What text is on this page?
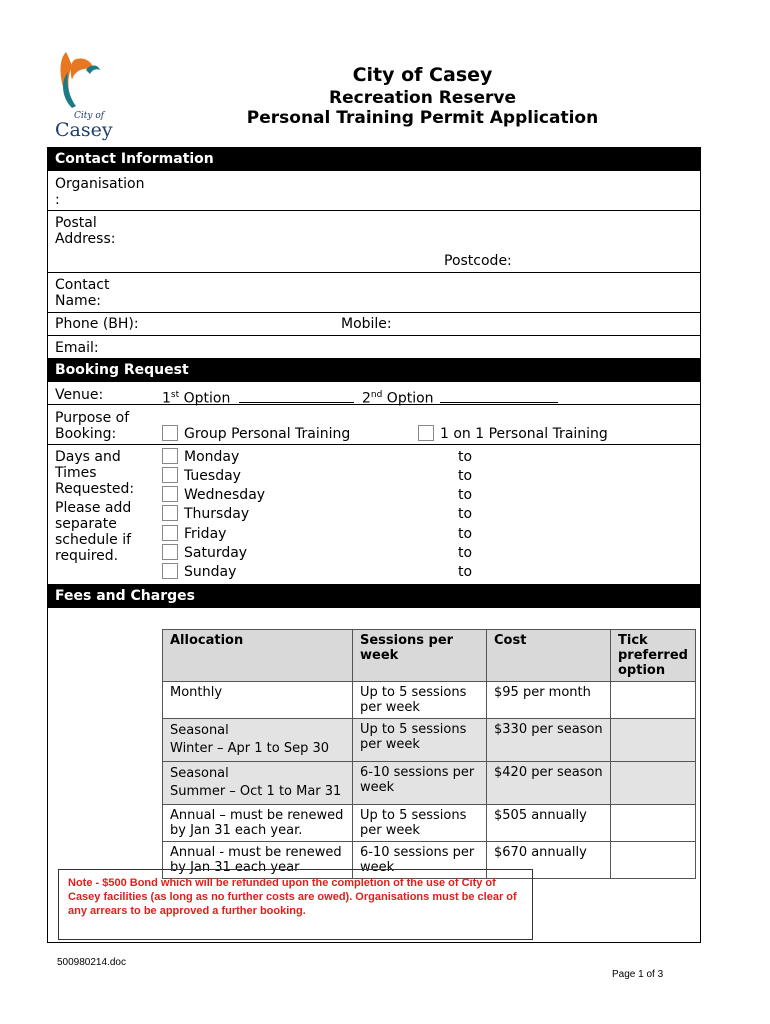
City of
Casey
City of Casey
Recreation Reserve
Personal Training Permit Application
Contact Information
Organisation
:
Postal
Address:
Postcode:
Contact
Name:
Phone (BH):	Mobile:
Email:
Booking Request
Venue:	1st Option	2nd Option
Purpose of
Booking:	Group Personal Training	1 on 1 Personal Training
Fees and Charges
Allocation	Sessions per week	Cost	Tick preferred option
Monthly	Up to 5 sessions per week	$95 per month	

Seasonal
Winter – Apr 1 to Sep 30	Up to 5 sessions per week	$330 per season	

Seasonal
Summer – Oct 1 to Mar 31	6-10 sessions per week	$420 per season	
Annual – must be renewed by Jan 31 each year.	Up to 5 sessions per week	$505 annually	
Annual - must be renewed by Jan 31 each year	6-10 sessions per week	$670 annually	
Days and
Times
Requested:
Please add
separate
schedule if
required.
Monday	to
Tuesday	to
Wednesday	to
Thursday	to
Friday	to
Saturday	to
Sunday	to
Note - $500 Bond which will be refunded upon the completion of the use of City of Casey facilities (as long as no further costs are owed). Organisations must be clear of any arrears to be approved a further booking.
500980214.doc
Page 1 of 3
